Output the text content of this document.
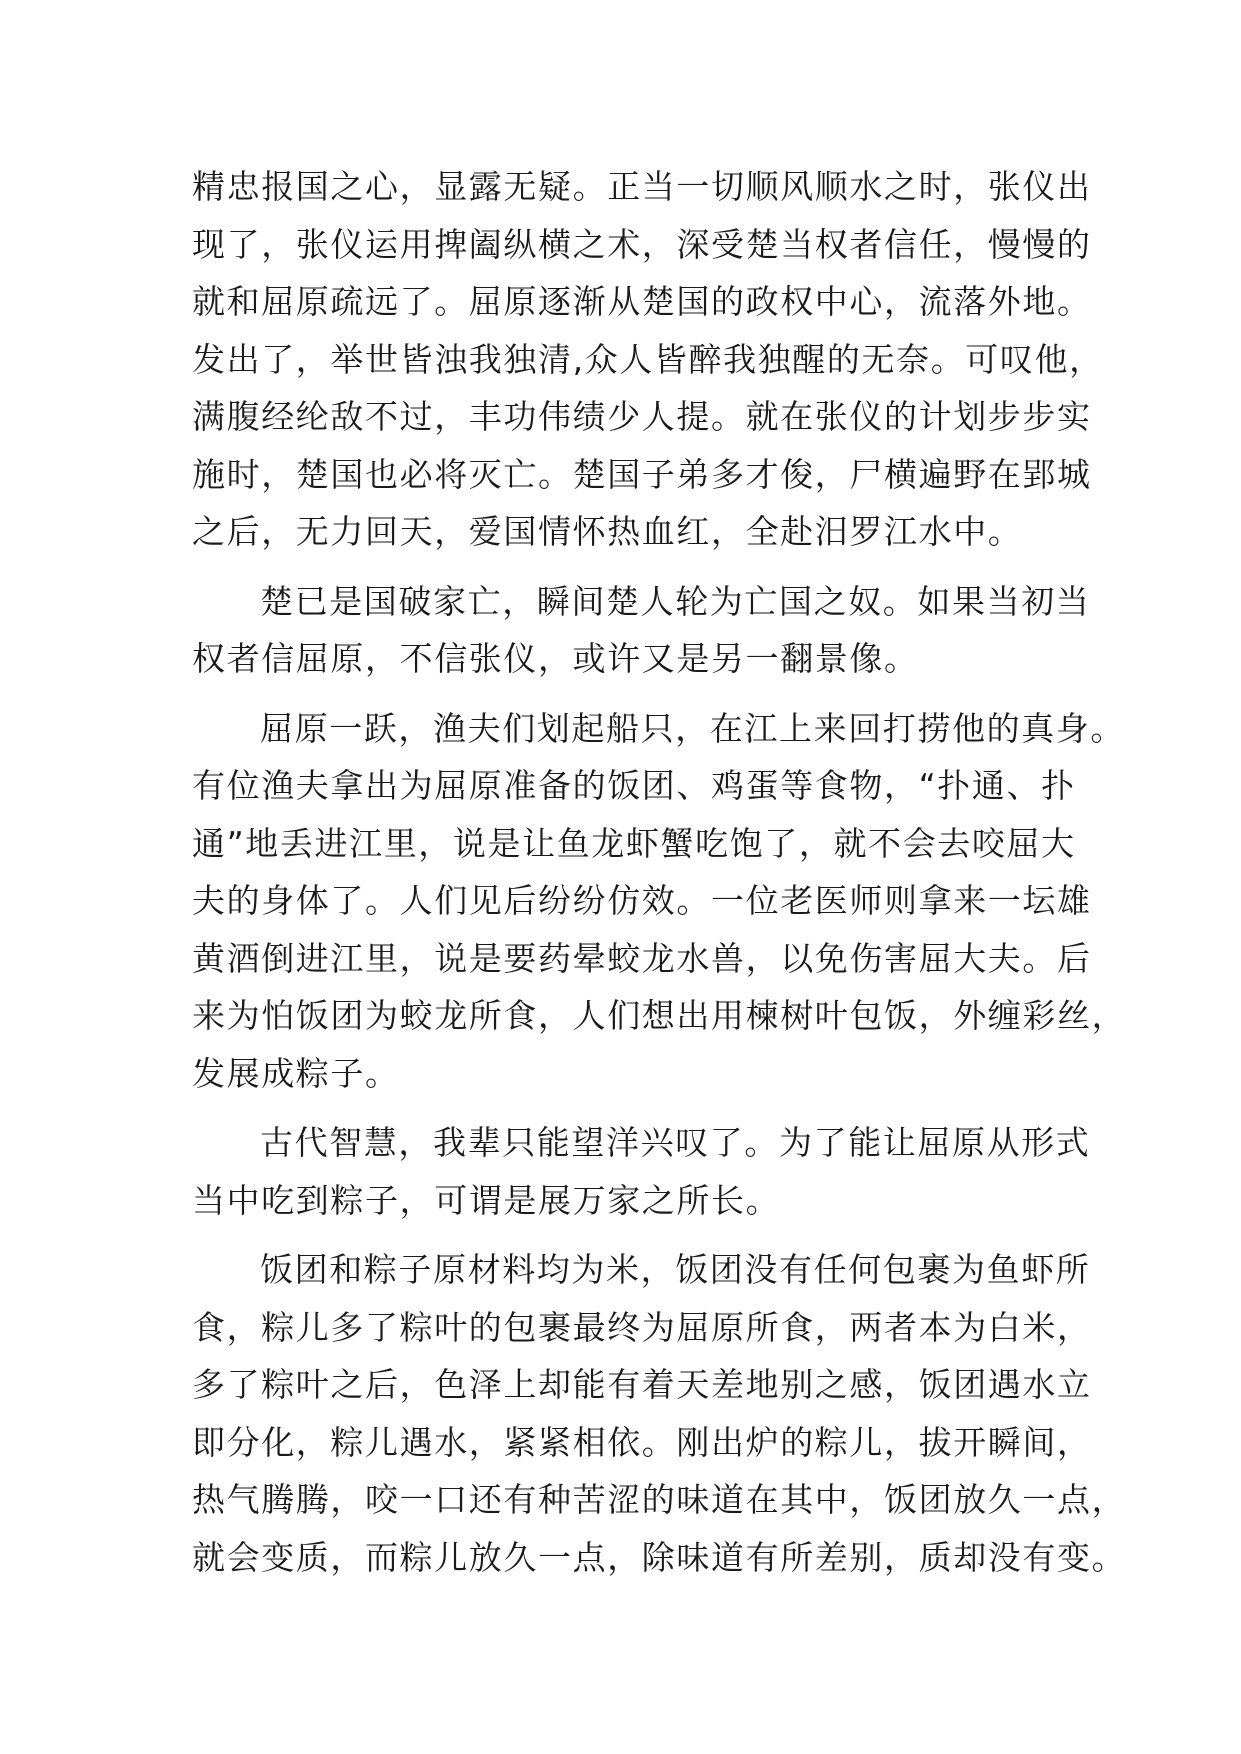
精忠报国之心，显露无疑。正当一切顺风顺水之时，张仪出
现了，张仪运用捭阖纵横之术，深受楚当权者信任，慢慢的
就和屈原疏远了。屈原逐渐从楚国的政权中心，流落外地。
发出了，举世皆浊我独清,众人皆醉我独醒的无奈。可叹他，
满腹经纶敌不过，丰功伟绩少人提。就在张仪的计划步步实
施时，楚国也必将灭亡。楚国子弟多才俊，尸横遍野在郢城
之后，无力回天，爱国情怀热血红，全赴汨罗江水中。
楚已是国破家亡，瞬间楚人轮为亡国之奴。如果当初当
权者信屈原，不信张仪，或许又是另一翻景像。
屈原一跃，渔夫们划起船只，在江上来回打捞他的真身。
有位渔夫拿出为屈原准备的饭团、鸡蛋等食物，“扑通、扑
通”地丢进江里，说是让鱼龙虾蟹吃饱了，就不会去咬屈大
夫的身体了。人们见后纷纷仿效。一位老医师则拿来一坛雄
黄酒倒进江里，说是要药晕蛟龙水兽，以免伤害屈大夫。后
来为怕饭团为蛟龙所食，人们想出用楝树叶包饭，外缠彩丝，
发展成粽子。
古代智慧，我辈只能望洋兴叹了。为了能让屈原从形式
当中吃到粽子，可谓是展万家之所长。
饭团和粽子原材料均为米，饭团没有任何包裹为鱼虾所
食，粽儿多了粽叶的包裹最终为屈原所食，两者本为白米，
多了粽叶之后，色泽上却能有着天差地别之感，饭团遇水立
即分化，粽儿遇水，紧紧相依。刚出炉的粽儿，拔开瞬间，
热气腾腾，咬一口还有种苦涩的味道在其中，饭团放久一点，
就会变质，而粽儿放久一点，除味道有所差别，质却没有变。
